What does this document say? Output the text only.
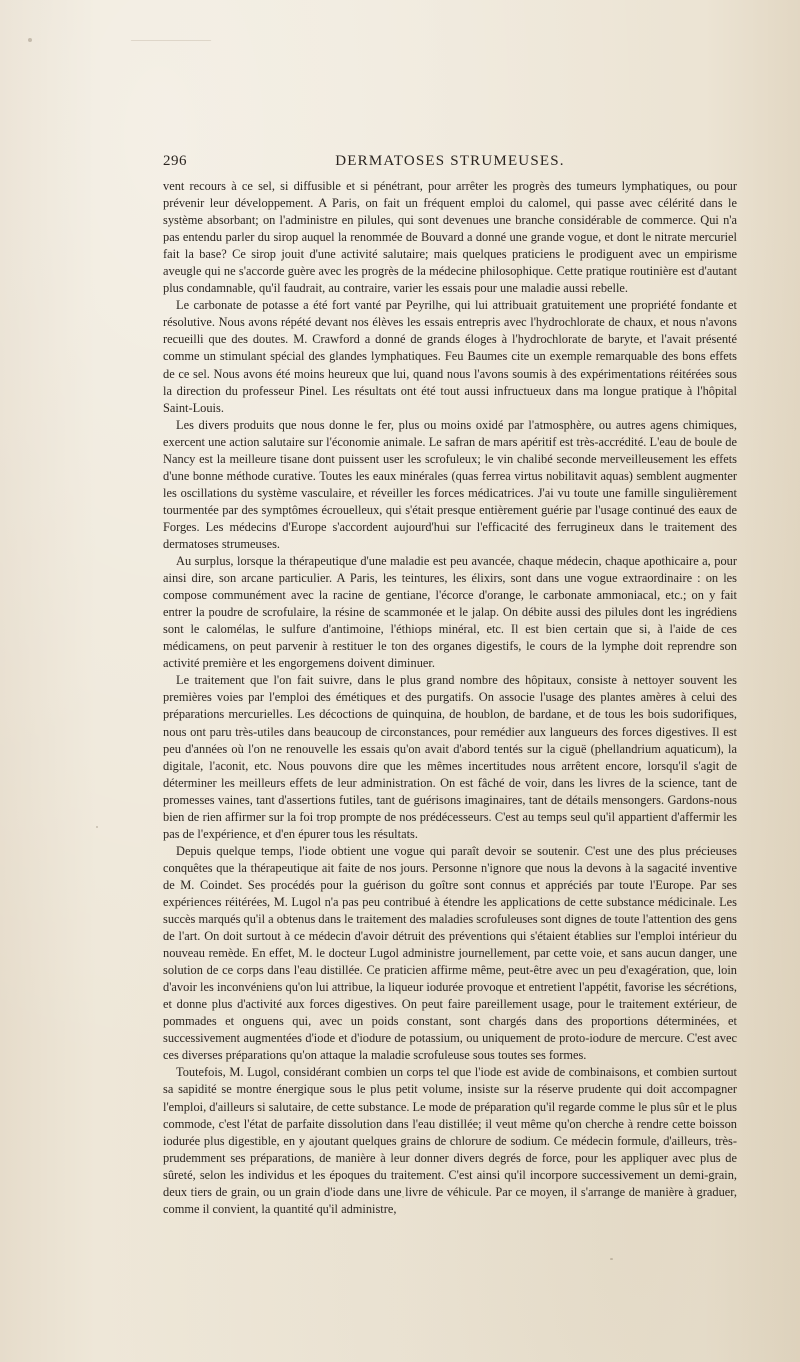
296	DERMATOSES STRUMEUSES.

vent recours à ce sel, si diffusible et si pénétrant, pour arrêter les progrès des tumeurs lymphatiques, ou pour prévenir leur développement. A Paris, on fait un fréquent emploi du calomel, qui passe avec célérité dans le système absorbant; on l'administre en pilules, qui sont devenues une branche considérable de commerce. Qui n'a pas entendu parler du sirop auquel la renommée de Bouvard a donné une grande vogue, et dont le nitrate mercuriel fait la base? Ce sirop jouit d'une activité salutaire; mais quelques praticiens le prodiguent avec un empirisme aveugle qui ne s'accorde guère avec les progrès de la médecine philosophique. Cette pratique routinière est d'autant plus condamnable, qu'il faudrait, au contraire, varier les essais pour une maladie aussi rebelle.

Le carbonate de potasse a été fort vanté par Peyrilhe, qui lui attribuait gratuitement une propriété fondante et résolutive. Nous avons répété devant nos élèves les essais entrepris avec l'hydrochlorate de chaux, et nous n'avons recueilli que des doutes. M. Crawford a donné de grands éloges à l'hydrochlorate de baryte, et l'avait présenté comme un stimulant spécial des glandes lymphatiques. Feu Baumes cite un exemple remarquable des bons effets de ce sel. Nous avons été moins heureux que lui, quand nous l'avons soumis à des expérimentations réitérées sous la direction du professeur Pinel. Les résultats ont été tout aussi infructueux dans ma longue pratique à l'hôpital Saint-Louis.

Les divers produits que nous donne le fer, plus ou moins oxidé par l'atmosphère, ou autres agens chimiques, exercent une action salutaire sur l'économie animale. Le safran de mars apéritif est très-accrédité. L'eau de boule de Nancy est la meilleure tisane dont puissent user les scrofuleux; le vin chalibé seconde merveilleusement les effets d'une bonne méthode curative. Toutes les eaux minérales (quas ferrea virtus nobilitavit aquas) semblent augmenter les oscillations du système vasculaire, et réveiller les forces médicatrices. J'ai vu toute une famille singulièrement tourmentée par des symptômes écrouelleux, qui s'était presque entièrement guérie par l'usage continué des eaux de Forges. Les médecins d'Europe s'accordent aujourd'hui sur l'efficacité des ferrugineux dans le traitement des dermatoses strumeuses.

Au surplus, lorsque la thérapeutique d'une maladie est peu avancée, chaque médecin, chaque apothicaire a, pour ainsi dire, son arcane particulier. A Paris, les teintures, les élixirs, sont dans une vogue extraordinaire : on les compose communément avec la racine de gentiane, l'écorce d'orange, le carbonate ammoniacal, etc.; on y fait entrer la poudre de scrofulaire, la résine de scammonée et le jalap. On débite aussi des pilules dont les ingrédiens sont le calomélas, le sulfure d'antimoine, l'éthiops minéral, etc. Il est bien certain que si, à l'aide de ces médicamens, on peut parvenir à restituer le ton des organes digestifs, le cours de la lymphe doit reprendre son activité première et les engorgemens doivent diminuer.

Le traitement que l'on fait suivre, dans le plus grand nombre des hôpitaux, consiste à nettoyer souvent les premières voies par l'emploi des émétiques et des purgatifs. On associe l'usage des plantes amères à celui des préparations mercurielles. Les décoctions de quinquina, de houblon, de bardane, et de tous les bois sudorifiques, nous ont paru très-utiles dans beaucoup de circonstances, pour remédier aux langueurs des forces digestives. Il est peu d'années où l'on ne renouvelle les essais qu'on avait d'abord tentés sur la ciguë (phellandrium aquaticum), la digitale, l'aconit, etc. Nous pouvons dire que les mêmes incertitudes nous arrêtent encore, lorsqu'il s'agit de déterminer les meilleurs effets de leur administration. On est fâché de voir, dans les livres de la science, tant de promesses vaines, tant d'assertions futiles, tant de guérisons imaginaires, tant de détails mensongers. Gardons-nous bien de rien affirmer sur la foi trop prompte de nos prédécesseurs. C'est au temps seul qu'il appartient d'affermir les pas de l'expérience, et d'en épurer tous les résultats.

Depuis quelque temps, l'iode obtient une vogue qui paraît devoir se soutenir. C'est une des plus précieuses conquêtes que la thérapeutique ait faite de nos jours. Personne n'ignore que nous la devons à la sagacité inventive de M. Coindet. Ses procédés pour la guérison du goître sont connus et appréciés par toute l'Europe. Par ses expériences réitérées, M. Lugol n'a pas peu contribué à étendre les applications de cette substance médicinale. Les succès marqués qu'il a obtenus dans le traitement des maladies scrofuleuses sont dignes de toute l'attention des gens de l'art. On doit surtout à ce médecin d'avoir détruit des préventions qui s'étaient établies sur l'emploi intérieur du nouveau remède. En effet, M. le docteur Lugol administre journellement, par cette voie, et sans aucun danger, une solution de ce corps dans l'eau distillée. Ce praticien affirme même, peut-être avec un peu d'exagération, que, loin d'avoir les inconvéniens qu'on lui attribue, la liqueur iodurée provoque et entretient l'appétit, favorise les sécrétions, et donne plus d'activité aux forces digestives. On peut faire pareillement usage, pour le traitement extérieur, de pommades et onguens qui, avec un poids constant, sont chargés dans des proportions déterminées, et successivement augmentées d'iode et d'iodure de potassium, ou uniquement de proto-iodure de mercure. C'est avec ces diverses préparations qu'on attaque la maladie scrofuleuse sous toutes ses formes.

Toutefois, M. Lugol, considérant combien un corps tel que l'iode est avide de combinaisons, et combien surtout sa sapidité se montre énergique sous le plus petit volume, insiste sur la réserve prudente qui doit accompagner l'emploi, d'ailleurs si salutaire, de cette substance. Le mode de préparation qu'il regarde comme le plus sûr et le plus commode, c'est l'état de parfaite dissolution dans l'eau distillée; il veut même qu'on cherche à rendre cette boisson iodurée plus digestible, en y ajoutant quelques grains de chlorure de sodium. Ce médecin formule, d'ailleurs, très-prudemment ses préparations, de manière à leur donner divers degrés de force, pour les appliquer avec plus de sûreté, selon les individus et les époques du traitement. C'est ainsi qu'il incorpore successivement un demi-grain, deux tiers de grain, ou un grain d'iode dans une livre de véhicule. Par ce moyen, il s'arrange de manière à graduer, comme il convient, la quantité qu'il administre,
